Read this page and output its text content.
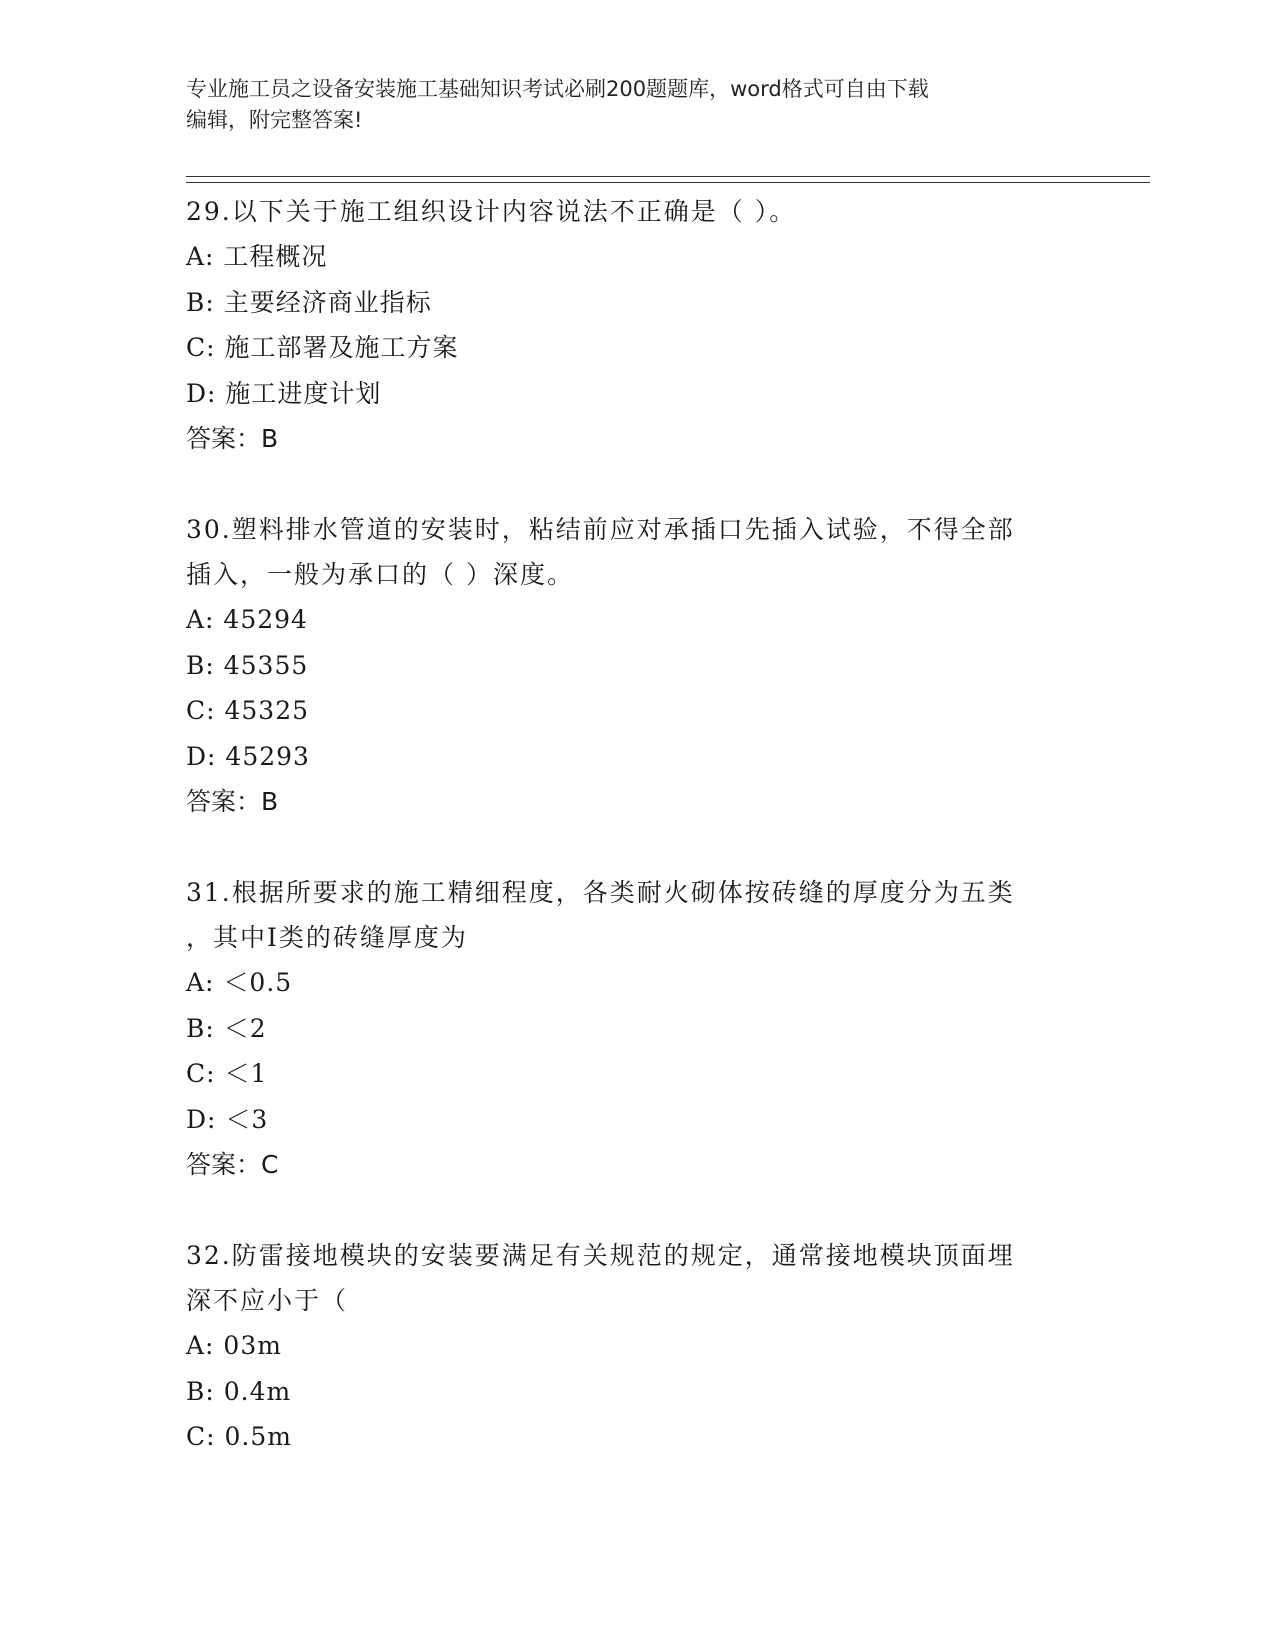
专业施工员之设备安装施工基础知识考试必刷200题题库，word格式可自由下载
编辑，附完整答案!
29.以下关于施工组织设计内容说法不正确是（ ）。
A: 工程概况
B: 主要经济商业指标
C: 施工部署及施工方案
D: 施工进度计划
答案：B
30.塑料排水管道的安装时，粘结前应对承插口先插入试验，不得全部
插入，一般为承口的（ ）深度。
A: 45294
B: 45355
C: 45325
D: 45293
答案：B
31.根据所要求的施工精细程度，各类耐火砌体按砖缝的厚度分为五类
，其中Ⅰ类的砖缝厚度为
A: ＜0.5
B: ＜2
C: ＜1
D: ＜3
答案：C
32.防雷接地模块的安装要满足有关规范的规定，通常接地模块顶面埋
深不应小于（
A: 03m
B: 0.4m
C: 0.5m
